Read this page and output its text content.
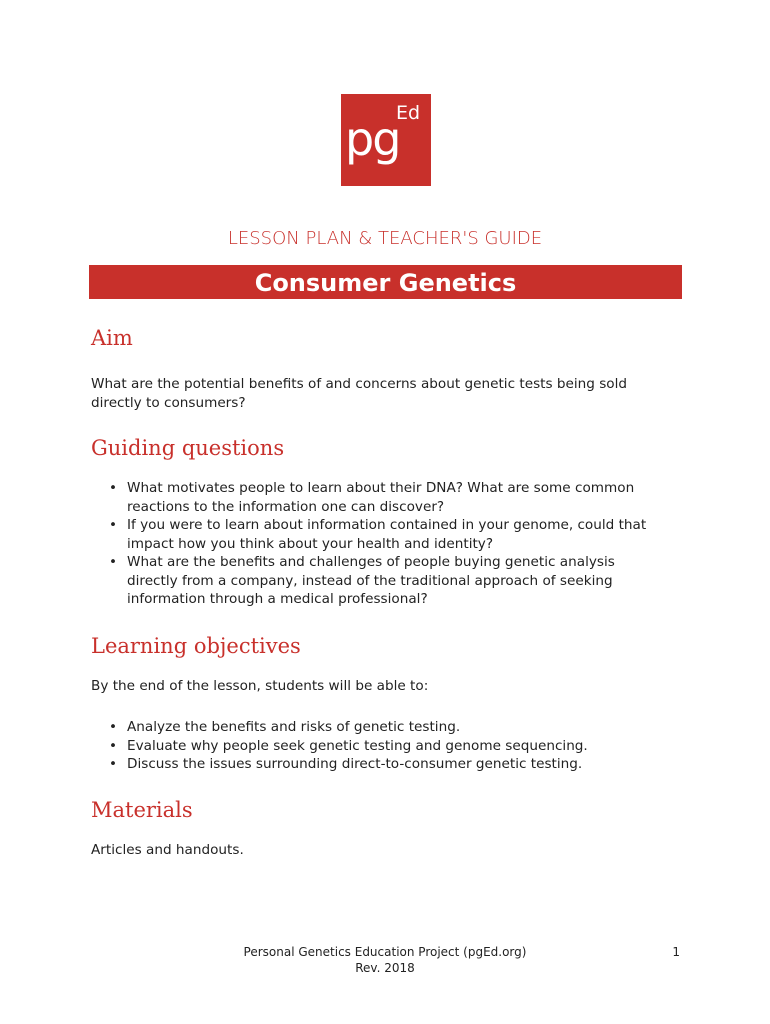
pg
Ed
LESSON PLAN & TEACHER'S GUIDE
Consumer Genetics
Aim

What are the potential benefits of and concerns about genetic tests being sold directly to consumers?

Guiding questions
• What motivates people to learn about their DNA? What are some common reactions to the information one can discover?
• If you were to learn about information contained in your genome, could that impact how you think about your health and identity?
• What are the benefits and challenges of people buying genetic analysis directly from a company, instead of the traditional approach of seeking information through a medical professional?
Learning objectives

By the end of the lesson, students will be able to:

• Analyze the benefits and risks of genetic testing.
• Evaluate why people seek genetic testing and genome sequencing.
• Discuss the issues surrounding direct-to-consumer genetic testing.
Materials

Articles and handouts.

Personal Genetics Education Project (pgEd.org)
Rev. 2018
1
